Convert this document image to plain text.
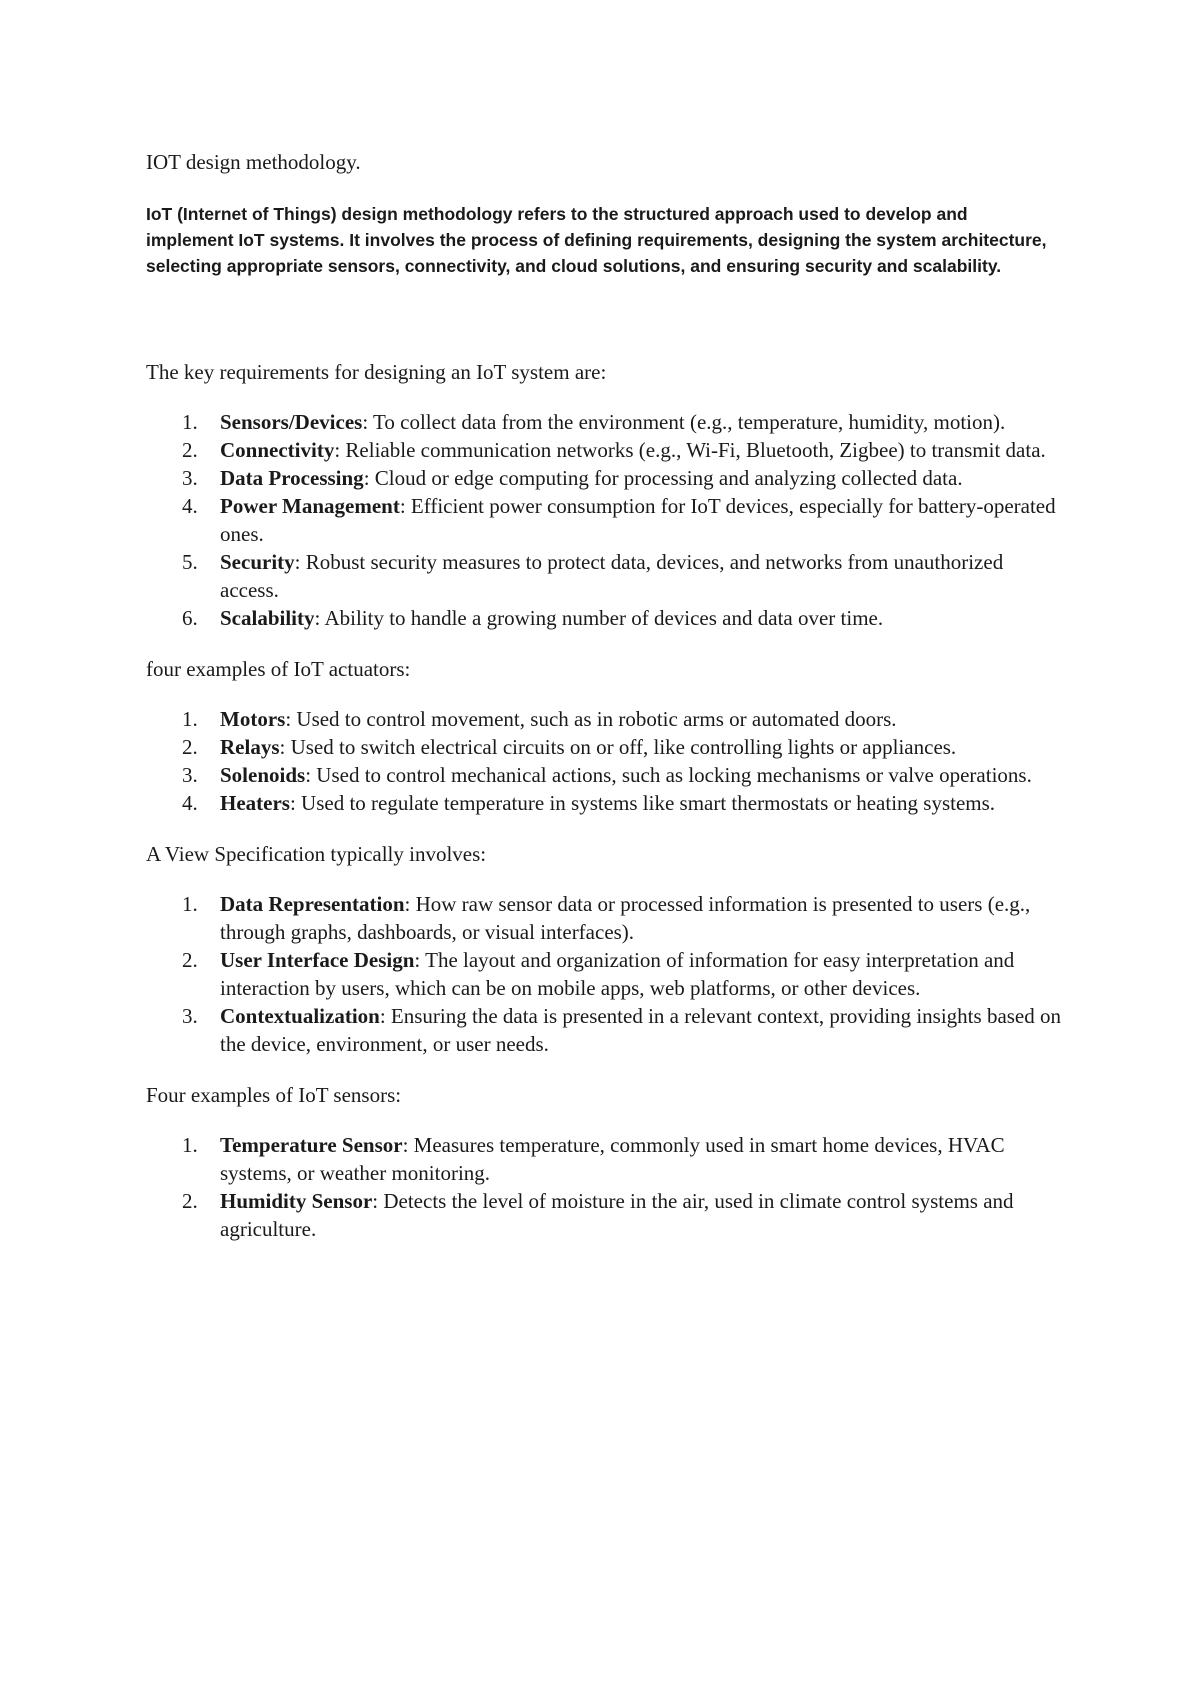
IOT design methodology.

IoT (Internet of Things) design methodology refers to the structured approach used to develop and implement IoT systems. It involves the process of defining requirements, designing the system architecture, selecting appropriate sensors, connectivity, and cloud solutions, and ensuring security and scalability.

The key requirements for designing an IoT system are:

1. Sensors/Devices: To collect data from the environment (e.g., temperature, humidity, motion).
2. Connectivity: Reliable communication networks (e.g., Wi-Fi, Bluetooth, Zigbee) to transmit data.
3. Data Processing: Cloud or edge computing for processing and analyzing collected data.
4. Power Management: Efficient power consumption for IoT devices, especially for battery-operated ones.
5. Security: Robust security measures to protect data, devices, and networks from unauthorized access.
6. Scalability: Ability to handle a growing number of devices and data over time.

four examples of IoT actuators:

1. Motors: Used to control movement, such as in robotic arms or automated doors.
2. Relays: Used to switch electrical circuits on or off, like controlling lights or appliances.
3. Solenoids: Used to control mechanical actions, such as locking mechanisms or valve operations.
4. Heaters: Used to regulate temperature in systems like smart thermostats or heating systems.

A View Specification typically involves:

1. Data Representation: How raw sensor data or processed information is presented to users (e.g., through graphs, dashboards, or visual interfaces).
2. User Interface Design: The layout and organization of information for easy interpretation and interaction by users, which can be on mobile apps, web platforms, or other devices.
3. Contextualization: Ensuring the data is presented in a relevant context, providing insights based on the device, environment, or user needs.

Four examples of IoT sensors:

1. Temperature Sensor: Measures temperature, commonly used in smart home devices, HVAC systems, or weather monitoring.
2. Humidity Sensor: Detects the level of moisture in the air, used in climate control systems and agriculture.
